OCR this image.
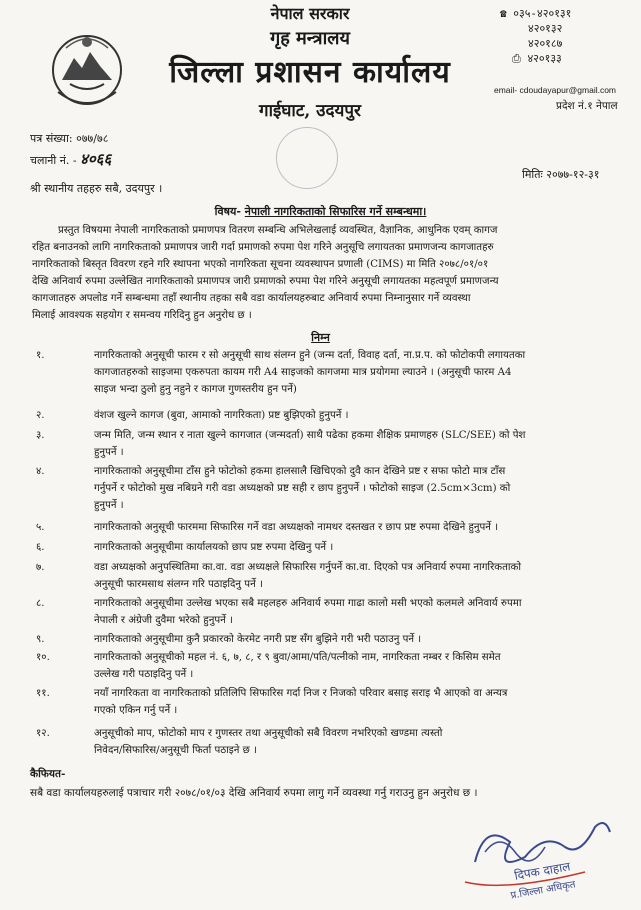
नेपाल सरकार
गृह मन्त्रालय
जिल्ला प्रशासन कार्यालय
गाईघाट, उदयपुर
☎ ०३५-४२०१३१
४२०१३२
४२०१८७
⎙ ४२०१३३
email- cdoudayapur@gmail.com
प्रदेश नं.१ नेपाल
पत्र संख्या: ०७७/७८
चलानी नं. - ४०६६
मितिः २०७७-१२-३१
श्री स्थानीय तहहरु सबै, उदयपुर ।
विषय- नेपाली नागरिकताको सिफारिस गर्ने सम्बन्धमा।
प्रस्तुत विषयमा नेपाली नागरिकताको प्रमाणपत्र वितरण सम्बन्धि अभिलेखलाई व्यवस्थित, वैज्ञानिक, आधुनिक एवम् कागज
रहित बनाउनको लागि नागरिकताको प्रमाणपत्र जारी गर्दा प्रमाणको रुपमा पेश गरिने अनुसूचि लगायतका प्रमाणजन्य कागजातहरु
नागरिकताको बिस्तृत विवरण रहने गरि स्थापना भएको नागरिकता सूचना व्यवस्थापन प्रणाली (CIMS) मा मिति २०७८/०१/०१
देखि अनिवार्य रुपमा उल्लेखित नागरिकताको प्रमाणपत्र जारी प्रमाणको रुपमा पेश गरिने अनुसूची लगायतका महत्वपूर्ण प्रमाणजन्य
कागजातहरु अपलोड गर्ने सम्बन्धमा तहाँ स्थानीय तहका सबै वडा कार्यालयहरुबाट अनिवार्य रुपमा निम्नानुसार गर्ने व्यवस्था
मिलाई आवश्यक सहयोग र समन्वय गरिदिनु हुन अनुरोध छ ।
निम्न
१.	नागरिकताको अनुसूची फारम र सो अनुसूची साथ संलग्न हुने (जन्म दर्ता, विवाह दर्ता, ना.प्र.प. को फोटोकपी लगायतका
कागजातहरुको साइजमा एकरुपता कायम गरी A4 साइजको कागजमा मात्र प्रयोगमा ल्याउने । (अनुसूची फारम A4
साइज भन्दा ठुलो हुनु नहुने र कागज गुणस्तरीय हुन पर्ने)
२.	वंशज खुल्ने कागज (बुवा, आमाको नागरिकता) प्रष्ट बुझिएको हुनुपर्ने ।
३.	जन्म मिति, जन्म स्थान र नाता खुल्ने कागजात (जन्मदर्ता) साथै पढेका हकमा शैक्षिक प्रमाणहरु (SLC/SEE) को पेश
हुनुपर्ने ।
४.	नागरिकताको अनुसूचीमा टाँस हुने फोटोको हकमा हालसालै खिचिएको दुवै कान देखिने प्रष्ट र सफा फोटो मात्र टाँस
गर्नुपर्ने र फोटोको मुख नबिग्रने गरी वडा अध्यक्षको प्रष्ट सही र छाप हुनुपर्ने । फोटोको साइज (2.5cm×3cm) को
हुनुपर्ने ।
५.	नागरिकताको अनुसूची फारममा सिफारिस गर्ने वडा अध्यक्षको नामथर दस्तखत र छाप प्रष्ट रुपमा देखिने हुनुपर्ने ।
६.	नागरिकताको अनुसूचीमा कार्यालयको छाप प्रष्ट रुपमा देखिनु पर्ने ।
७.	वडा अध्यक्षको अनुपस्थितिमा का.वा. वडा अध्यक्षले सिफारिस गर्नुपर्ने का.वा. दिएको पत्र अनिवार्य रुपमा नागरिकताको
अनुसूची फारमसाथ संलग्न गरि पठाइदिनु पर्ने ।
८.	नागरिकताको अनुसूचीमा उल्लेख भएका सबै महलहरु अनिवार्य रुपमा गाढा कालो मसी भएको कलमले अनिवार्य रुपमा
नेपाली र अंग्रेजी दुवैमा भरेको हुनुपर्ने ।
९.	नागरिकताको अनुसूचीमा कुनै प्रकारको केरमेट नगरी प्रष्ट सँग बुझिने गरी भरी पठाउनु पर्ने ।
१०.	नागरिकताको अनुसूचीको महल नं. ६, ७, ८, र ९ बुवा/आमा/पति/पत्नीको नाम, नागरिकता नम्बर र किसिम समेत
उल्लेख गरी पठाइदिनु पर्ने ।
११.	नयाँ नागरिकता वा नागरिकताको प्रतिलिपि सिफारिस गर्दा निज र निजको परिवार बसाइ सराइ भै आएको वा अन्यत्र
गएको एकिन गर्नु पर्ने ।
१२.	अनुसूचीको माप, फोटोको माप र गुणस्तर तथा अनुसूचीको सबै विवरण नभरिएको खण्डमा त्यस्तो
निवेदन/सिफारिस/अनुसूची फिर्ता पठाइने छ ।
कैफियत-
सबै वडा कार्यालयहरुलाई पत्राचार गरी २०७८/०१/०३ देखि अनिवार्य रुपमा लागु गर्ने व्यवस्था गर्नु गराउनु हुन अनुरोध छ ।
दिपक दाहाल
प्र.जिल्ला अधिकृत
